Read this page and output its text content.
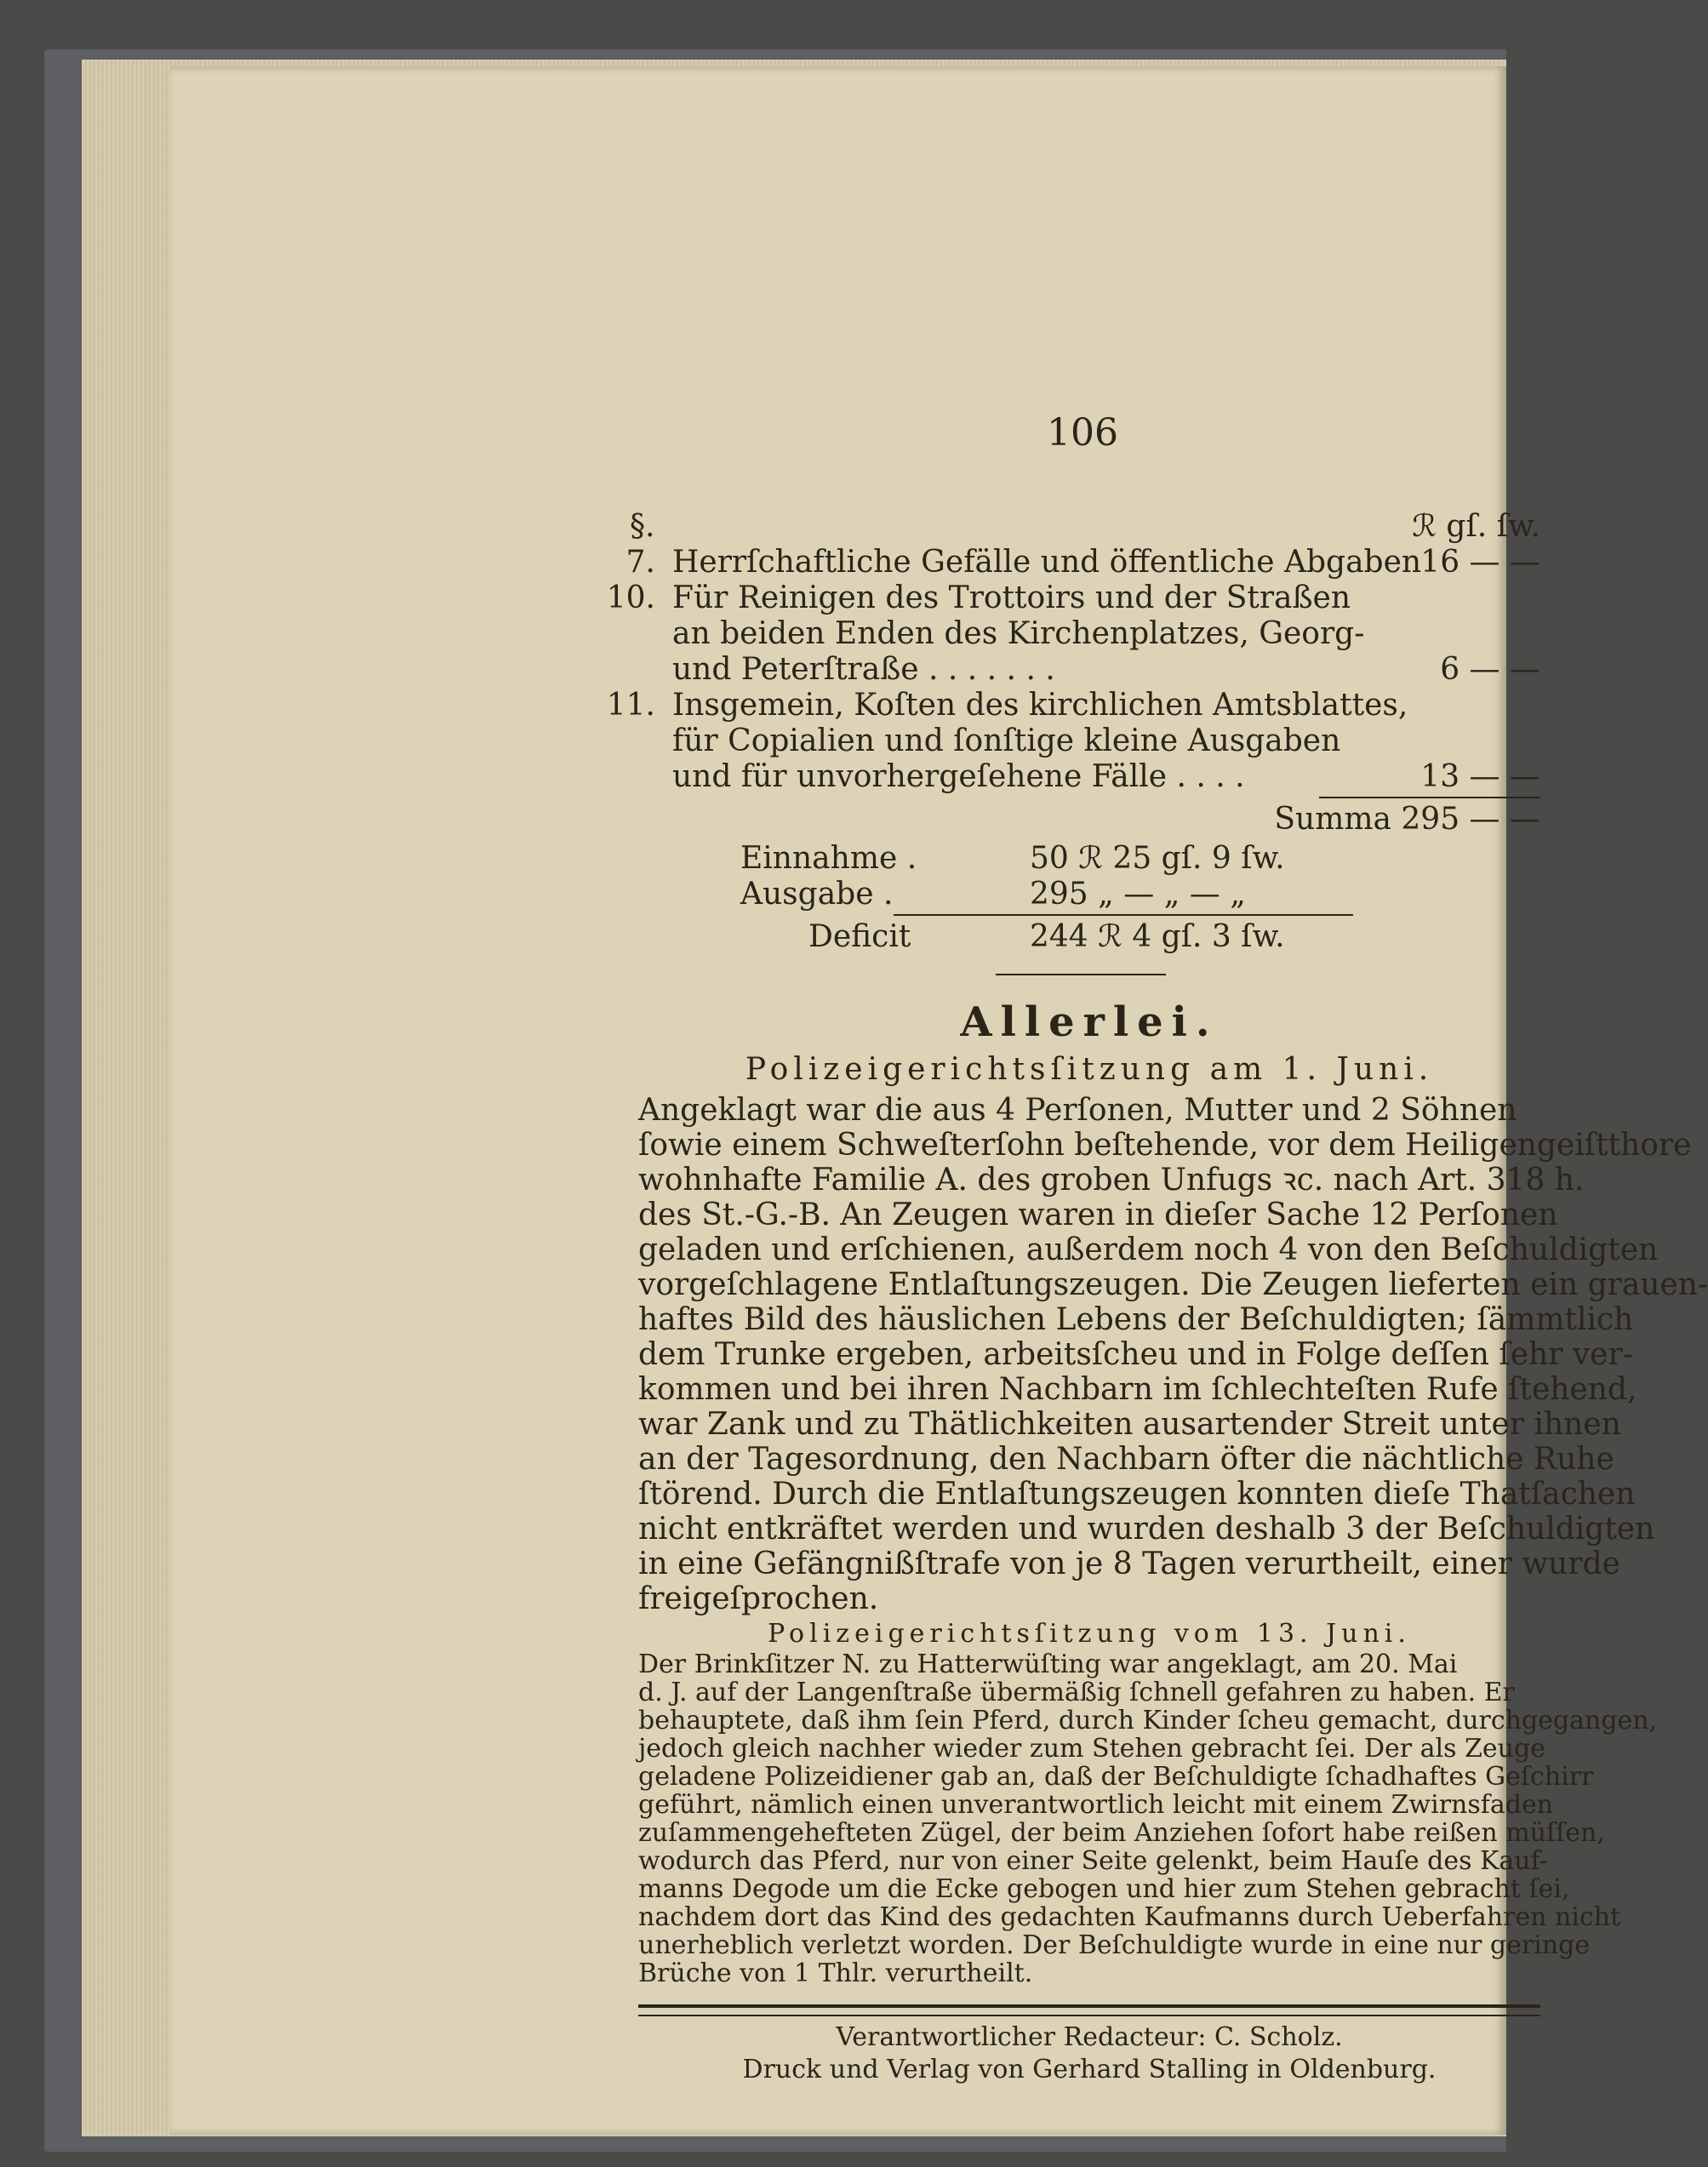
106
§.	ℛ gſ. ſw.
7. Herrſchaftliche Gefälle und öffentliche Abgaben 16 — —
10. Für Reinigen des Trottoirs und der Straßen
an beiden Enden des Kirchenplatzes, Georg-
und Peterſtraße . . . . . . .	6 — —
11. Insgemein, Koſten des kirchlichen Amtsblattes,
für Copialien und ſonſtige kleine Ausgaben
und für unvorhergeſehene Fälle . . . .	13 — —
Summa 295 — —
Einnahme .	50 ℛ 25 gſ. 9 ſw.
Ausgabe .	295 „ — „ — „
Deficit	244 ℛ 4 gſ. 3 ſw.
Allerlei.
Polizeigerichtsſitzung am 1. Juni.
Angeklagt war die aus 4 Perſonen, Mutter und 2 Söhnen
ſowie einem Schweſterſohn beſtehende, vor dem Heiligengeiſtthore
wohnhafte Familie A. des groben Unfugs ꝛc. nach Art. 318 h.
des St.-G.-B. An Zeugen waren in dieſer Sache 12 Perſonen
geladen und erſchienen, außerdem noch 4 von den Beſchuldigten
vorgeſchlagene Entlaſtungszeugen. Die Zeugen lieferten ein grauen-
haftes Bild des häuslichen Lebens der Beſchuldigten; ſämmtlich
dem Trunke ergeben, arbeitsſcheu und in Folge deſſen ſehr ver-
kommen und bei ihren Nachbarn im ſchlechteſten Rufe ſtehend,
war Zank und zu Thätlichkeiten ausartender Streit unter ihnen
an der Tagesordnung, den Nachbarn öfter die nächtliche Ruhe
ſtörend. Durch die Entlaſtungszeugen konnten dieſe Thatſachen
nicht entkräftet werden und wurden deshalb 3 der Beſchuldigten
in eine Gefängnißſtrafe von je 8 Tagen verurtheilt, einer wurde
freigeſprochen.
Polizeigerichtsſitzung vom 13. Juni.
Der Brinkſitzer N. zu Hatterwüſting war angeklagt, am 20. Mai
d. J. auf der Langenſtraße übermäßig ſchnell gefahren zu haben. Er
behauptete, daß ihm ſein Pferd, durch Kinder ſcheu gemacht, durchgegangen,
jedoch gleich nachher wieder zum Stehen gebracht ſei. Der als Zeuge
geladene Polizeidiener gab an, daß der Beſchuldigte ſchadhaftes Geſchirr
geführt, nämlich einen unverantwortlich leicht mit einem Zwirnsfaden
zuſammengehefteten Zügel, der beim Anziehen ſofort habe reißen müſſen,
wodurch das Pferd, nur von einer Seite gelenkt, beim Hauſe des Kauf-
manns Degode um die Ecke gebogen und hier zum Stehen gebracht ſei,
nachdem dort das Kind des gedachten Kaufmanns durch Ueberfahren nicht
unerheblich verletzt worden. Der Beſchuldigte wurde in eine nur geringe
Brüche von 1 Thlr. verurtheilt.
Verantwortlicher Redacteur: C. Scholz.
Druck und Verlag von Gerhard Stalling in Oldenburg.
